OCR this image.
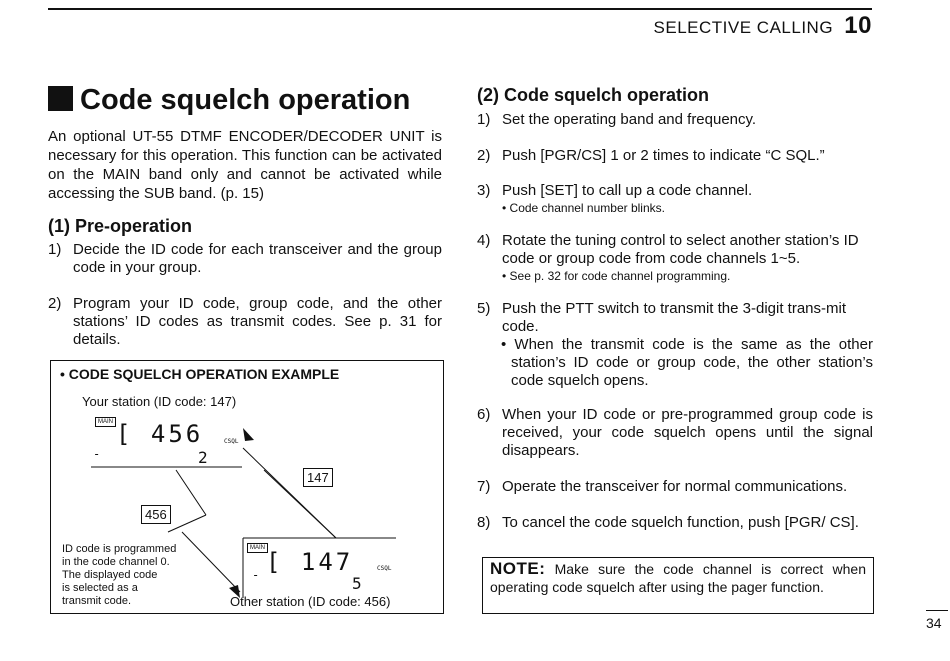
SELECTIVE CALLING 10
Code squelch operation
An optional UT-55 DTMF ENCODER/DECODER UNIT is necessary for this operation. This function can be activated on the MAIN band only and cannot be activated while accessing the SUB band. (p. 15)
(1) Pre-operation
1) Decide the ID code for each transceiver and the group code in your group.
2) Program your ID code, group code, and the other stations’ ID codes as transmit codes. See p. 31 for details.
• CODE SQUELCH OPERATION EXAMPLE
Your station (ID code: 147)
MAIN [ 456	CSQL
-	2
MAIN [ 147	CSQL
-	5
147
456
ID code is programmed
in the code channel 0.
The displayed code
is selected as a
transmit code.	Other station (ID code: 456)
(2) Code squelch operation
1) Set the operating band and frequency.
2) Push [PGR/CS] 1 or 2 times to indicate “C SQL.”
3) Push [SET] to call up a code channel.
• Code channel number blinks.
4) Rotate the tuning control to select another station’s ID code or group code from code channels 1~5.
• See p. 32 for code channel programming.
5) Push the PTT switch to transmit the 3-digit trans-mit code.
• When the transmit code is the same as the other station’s ID code or group code, the other station’s code squelch opens.
6) When your ID code or pre-programmed group code is received, your code squelch opens until the signal disappears.
7) Operate the transceiver for normal communications.
8) To cancel the code squelch function, push [PGR/ CS].
NOTE: Make sure the code channel is correct when operating code squelch after using the pager function.
34
